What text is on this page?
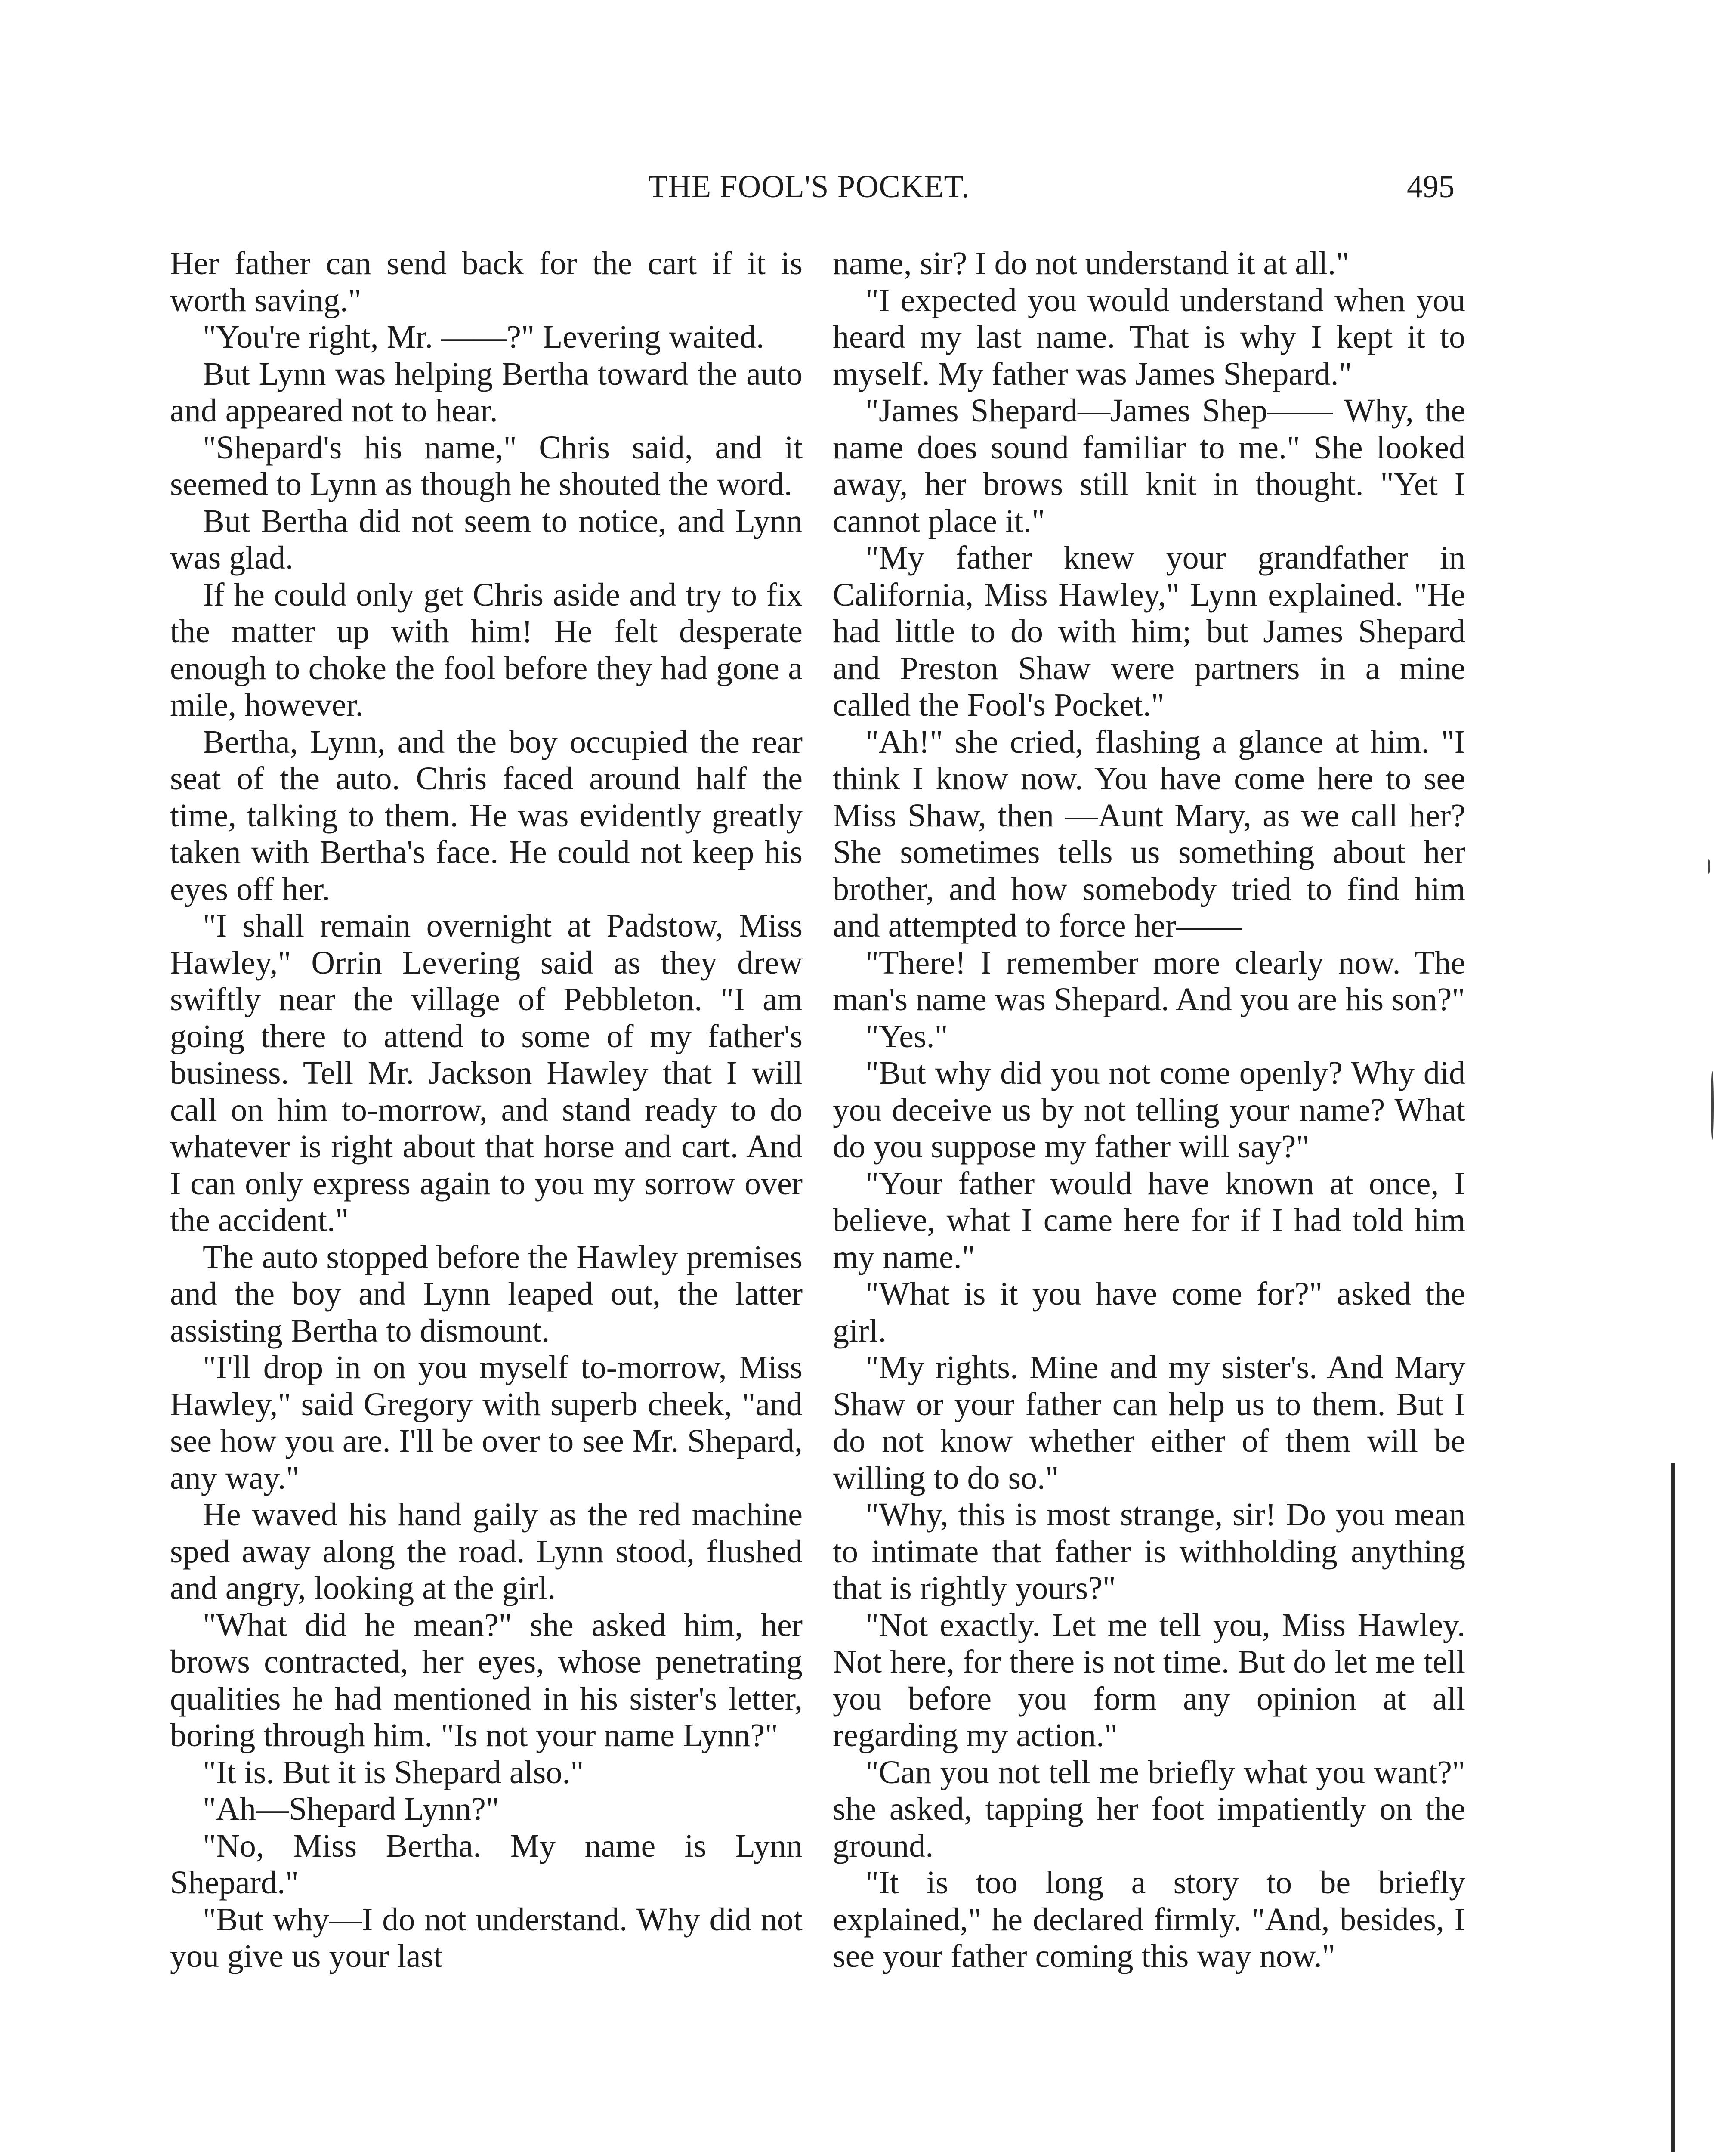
THE FOOL'S POCKET.	495

Her father can send back for the cart if it is worth saving."

"You're right, Mr. ——?" Levering waited.

But Lynn was helping Bertha toward the auto and appeared not to hear.

"Shepard's his name," Chris said, and it seemed to Lynn as though he shouted the word.

But Bertha did not seem to notice, and Lynn was glad.

If he could only get Chris aside and try to fix the matter up with him! He felt desperate enough to choke the fool before they had gone a mile, however.

Bertha, Lynn, and the boy occupied the rear seat of the auto. Chris faced around half the time, talking to them. He was evidently greatly taken with Bertha's face. He could not keep his eyes off her.

"I shall remain overnight at Padstow, Miss Hawley," Orrin Levering said as they drew swiftly near the village of Pebbleton. "I am going there to attend to some of my father's business. Tell Mr. Jackson Hawley that I will call on him to-morrow, and stand ready to do whatever is right about that horse and cart. And I can only express again to you my sorrow over the accident."

The auto stopped before the Hawley premises and the boy and Lynn leaped out, the latter assisting Bertha to dismount.

"I'll drop in on you myself to-morrow, Miss Hawley," said Gregory with superb cheek, "and see how you are. I'll be over to see Mr. Shepard, any way."

He waved his hand gaily as the red machine sped away along the road. Lynn stood, flushed and angry, looking at the girl.

"What did he mean?" she asked him, her brows contracted, her eyes, whose penetrating qualities he had mentioned in his sister's letter, boring through him. "Is not your name Lynn?"

"It is. But it is Shepard also."

"Ah—Shepard Lynn?"

"No, Miss Bertha. My name is Lynn Shepard."

"But why—I do not understand. Why did not you give us your last

name, sir? I do not understand it at all."

"I expected you would understand when you heard my last name. That is why I kept it to myself. My father was James Shepard."

"James Shepard—James Shep—— Why, the name does sound familiar to me." She looked away, her brows still knit in thought. "Yet I cannot place it."

"My father knew your grandfather in California, Miss Hawley," Lynn explained. "He had little to do with him; but James Shepard and Preston Shaw were partners in a mine called the Fool's Pocket."

"Ah!" she cried, flashing a glance at him. "I think I know now. You have come here to see Miss Shaw, then —Aunt Mary, as we call her? She sometimes tells us something about her brother, and how somebody tried to find him and attempted to force her——

"There! I remember more clearly now. The man's name was Shepard. And you are his son?"

"Yes."

"But why did you not come openly? Why did you deceive us by not telling your name? What do you suppose my father will say?"

"Your father would have known at once, I believe, what I came here for if I had told him my name."

"What is it you have come for?" asked the girl.

"My rights. Mine and my sister's. And Mary Shaw or your father can help us to them. But I do not know whether either of them will be willing to do so."

"Why, this is most strange, sir! Do you mean to intimate that father is withholding anything that is rightly yours?"

"Not exactly. Let me tell you, Miss Hawley. Not here, for there is not time. But do let me tell you before you form any opinion at all regarding my action."

"Can you not tell me briefly what you want?" she asked, tapping her foot impatiently on the ground.

"It is too long a story to be briefly explained," he declared firmly. "And, besides, I see your father coming this way now."
